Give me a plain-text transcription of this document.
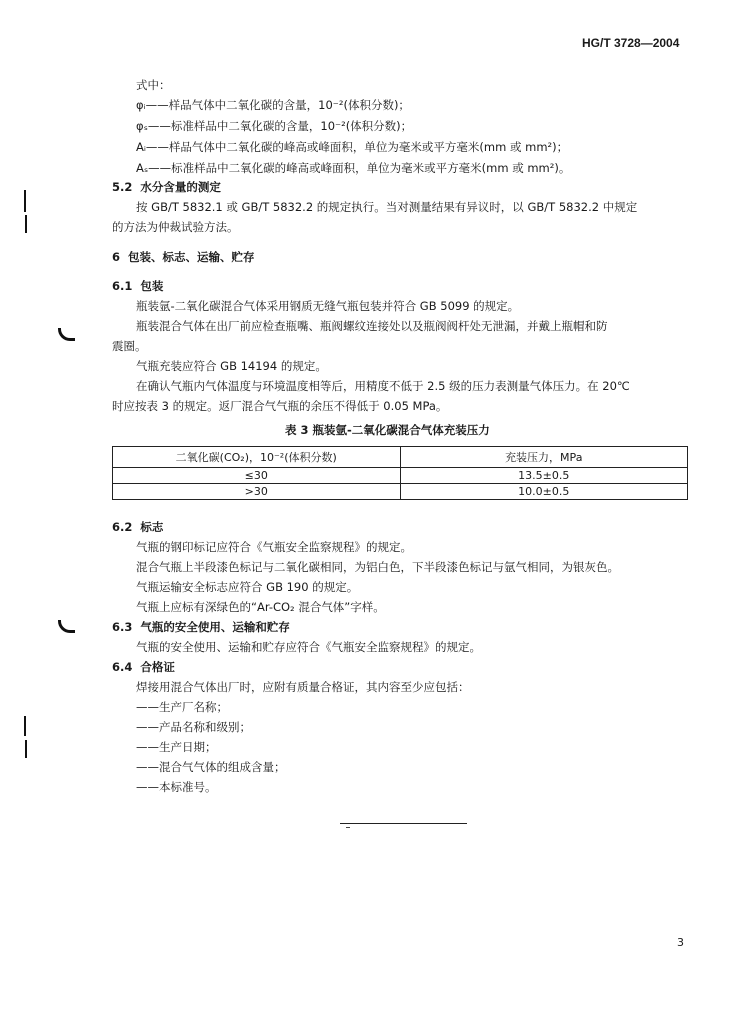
HG/T 3728—2004
式中：
φᵢ——样品气体中二氧化碳的含量，10⁻²(体积分数)；
φₛ——标准样品中二氧化碳的含量，10⁻²(体积分数)；
Aᵢ——样品气体中二氧化碳的峰高或峰面积，单位为毫米或平方毫米(mm 或 mm²)；
Aₛ——标准样品中二氧化碳的峰高或峰面积，单位为毫米或平方毫米(mm 或 mm²)。
5.2 水分含量的测定
按 GB/T 5832.1 或 GB/T 5832.2 的规定执行。当对测量结果有异议时，以 GB/T 5832.2 中规定
的方法为仲裁试验方法。
6 包装、标志、运输、贮存
6.1 包装
瓶装氩-二氧化碳混合气体采用钢质无缝气瓶包装并符合 GB 5099 的规定。
瓶装混合气体在出厂前应检查瓶嘴、瓶阀螺纹连接处以及瓶阀阀杆处无泄漏，并戴上瓶帽和防
震圈。
气瓶充装应符合 GB 14194 的规定。
在确认气瓶内气体温度与环境温度相等后，用精度不低于 2.5 级的压力表测量气体压力。在 20℃
时应按表 3 的规定。返厂混合气气瓶的余压不得低于 0.05 MPa。
表 3 瓶装氩-二氧化碳混合气体充装压力
二氧化碳(CO₂)，10⁻²(体积分数)	充装压力，MPa
≤30	13.5±0.5
>30	10.0±0.5
6.2 标志
气瓶的钢印标记应符合《气瓶安全监察规程》的规定。
混合气瓶上半段漆色标记与二氧化碳相同，为铝白色，下半段漆色标记与氩气相同，为银灰色。
气瓶运输安全标志应符合 GB 190 的规定。
气瓶上应标有深绿色的“Ar-CO₂ 混合气体”字样。
6.3 气瓶的安全使用、运输和贮存
气瓶的安全使用、运输和贮存应符合《气瓶安全监察规程》的规定。
6.4 合格证
焊接用混合气体出厂时，应附有质量合格证，其内容至少应包括：
——生产厂名称；
——产品名称和级别；
——生产日期；
——混合气气体的组成含量；
——本标准号。
3
